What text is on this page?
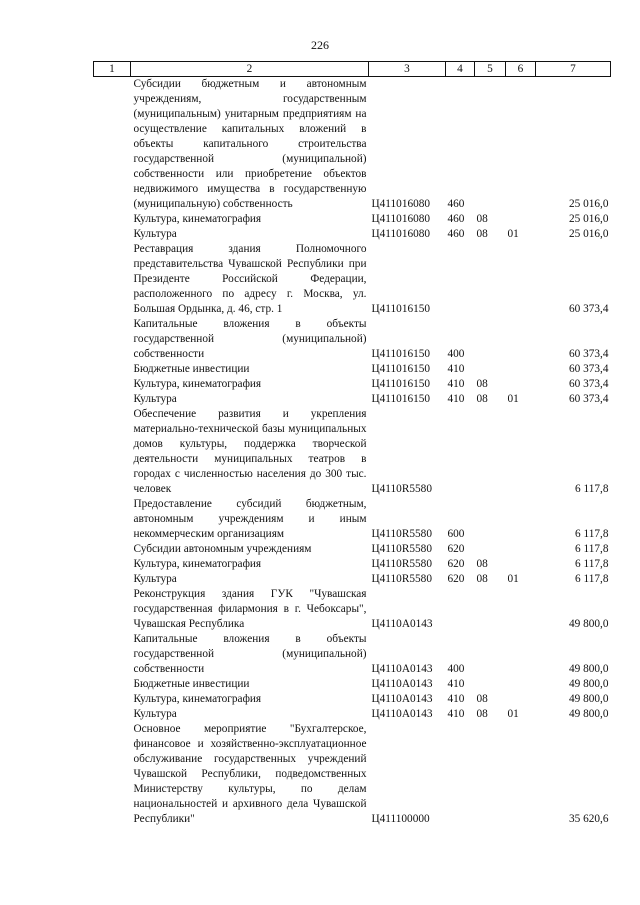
226
1	2	3	4	5	6	7
	Субсидии бюджетным и автономным учреждениям, государственным (муниципальным) унитарным предприятиям на осуществление капитальных вложений в объекты капитального строительства государственной (муниципальной) собственности или приобретение объектов недвижимого имущества в государственную (муниципальную) собственность	Ц411016080	460			25 016,0
	Культура, кинематография	Ц411016080	460	08		25 016,0
	Культура	Ц411016080	460	08	01	25 016,0
	Реставрация здания Полномочного представительства Чувашской Республики при Президенте Российской Федерации, расположенного по адресу г. Москва, ул. Большая Ордынка, д. 46, стр. 1	Ц411016150				60 373,4
	Капитальные вложения в объекты государственной (муниципальной) собственности	Ц411016150	400			60 373,4
	Бюджетные инвестиции	Ц411016150	410			60 373,4
	Культура, кинематография	Ц411016150	410	08		60 373,4
	Культура	Ц411016150	410	08	01	60 373,4
	Обеспечение развития и укрепления материально-технической базы муниципальных домов культуры, поддержка творческой деятельности муниципальных театров в городах с численностью населения до 300 тыс. человек	Ц4110R5580				6 117,8
	Предоставление субсидий бюджетным, автономным учреждениям и иным некоммерческим организациям	Ц4110R5580	600			6 117,8
	Субсидии автономным учреждениям	Ц4110R5580	620			6 117,8
	Культура, кинематография	Ц4110R5580	620	08		6 117,8
	Культура	Ц4110R5580	620	08	01	6 117,8
	Реконструкция здания ГУК "Чувашская государственная филармония в г. Чебоксары", Чувашская Республика	Ц4110A0143				49 800,0
	Капитальные вложения в объекты государственной (муниципальной) собственности	Ц4110A0143	400			49 800,0
	Бюджетные инвестиции	Ц4110A0143	410			49 800,0
	Культура, кинематография	Ц4110A0143	410	08		49 800,0
	Культура	Ц4110A0143	410	08	01	49 800,0
	Основное мероприятие "Бухгалтерское, финансовое и хозяйственно-эксплуатационное обслуживание государственных учреждений Чувашской Республики, подведомственных Министерству культуры, по делам национальностей и архивного дела Чувашской Республики"	Ц411100000				35 620,6
